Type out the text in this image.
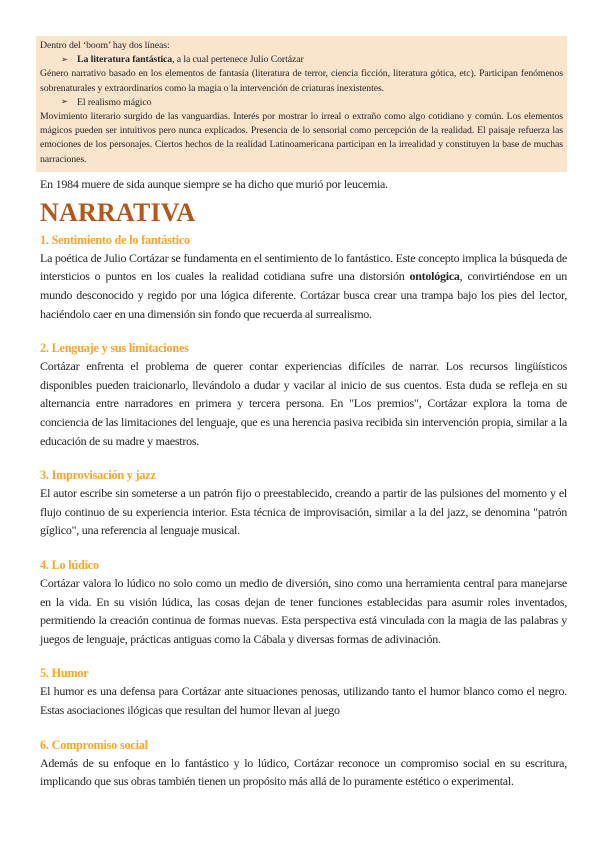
Dentro del ‘boom’ hay dos líneas:

➢ La literatura fantástica, a la cual pertenece Julio Cortázar

Género narrativo basado en los elementos de fantasía (literatura de terror, ciencia ficción, literatura gótica, etc). Participan fenómenos sobrenaturales y extraordinarios como la magia o la intervención de criaturas inexistentes.

➢ El realismo mágico

Movimiento literario surgido de las vanguardias. Interés por mostrar lo irreal o extraño como algo cotidiano y común. Los elementos mágicos pueden ser intuitivos pero nunca explicados. Presencia de lo sensorial como percepción de la realidad. El paisaje refuerza las emociones de los personajes. Ciertos hechos de la realidad Latinoamericana participan en la irrealidad y constituyen la base de muchas narraciones.

En 1984 muere de sida aunque siempre se ha dicho que murió por leucemia.

NARRATIVA
1. Sentimiento de lo fantástico

La poética de Julio Cortázar se fundamenta en el sentimiento de lo fantástico. Este concepto implica la búsqueda de intersticios o puntos en los cuales la realidad cotidiana sufre una distorsión ontológica, convirtiéndose en un mundo desconocido y regido por una lógica diferente. Cortázar busca crear una trampa bajo los pies del lector, haciéndolo caer en una dimensión sin fondo que recuerda al surrealismo.

2. Lenguaje y sus limitaciones

Cortázar enfrenta el problema de querer contar experiencias difíciles de narrar. Los recursos lingüísticos disponibles pueden traicionarlo, llevándolo a dudar y vacilar al inicio de sus cuentos. Esta duda se refleja en su alternancia entre narradores en primera y tercera persona. En "Los premios", Cortázar explora la toma de conciencia de las limitaciones del lenguaje, que es una herencia pasiva recibida sin intervención propia, similar a la educación de su madre y maestros.

3. Improvisación y jazz

El autor escribe sin someterse a un patrón fijo o preestablecido, creando a partir de las pulsiones del momento y el flujo continuo de su experiencia interior. Esta técnica de improvisación, similar a la del jazz, se denomina "patrón gíglico", una referencia al lenguaje musical.

4. Lo lúdico

Cortázar valora lo lúdico no solo como un medio de diversión, sino como una herramienta central para manejarse en la vida. En su visión lúdica, las cosas dejan de tener funciones establecidas para asumir roles inventados, permitiendo la creación continua de formas nuevas. Esta perspectiva está vinculada con la magia de las palabras y juegos de lenguaje, prácticas antiguas como la Cábala y diversas formas de adivinación.

5. Humor

El humor es una defensa para Cortázar ante situaciones penosas, utilizando tanto el humor blanco como el negro. Estas asociaciones ilógicas que resultan del humor llevan al juego

6. Compromiso social

Además de su enfoque en lo fantástico y lo lúdico, Cortázar reconoce un compromiso social en su escritura, implicando que sus obras también tienen un propósito más allá de lo puramente estético o experimental.
